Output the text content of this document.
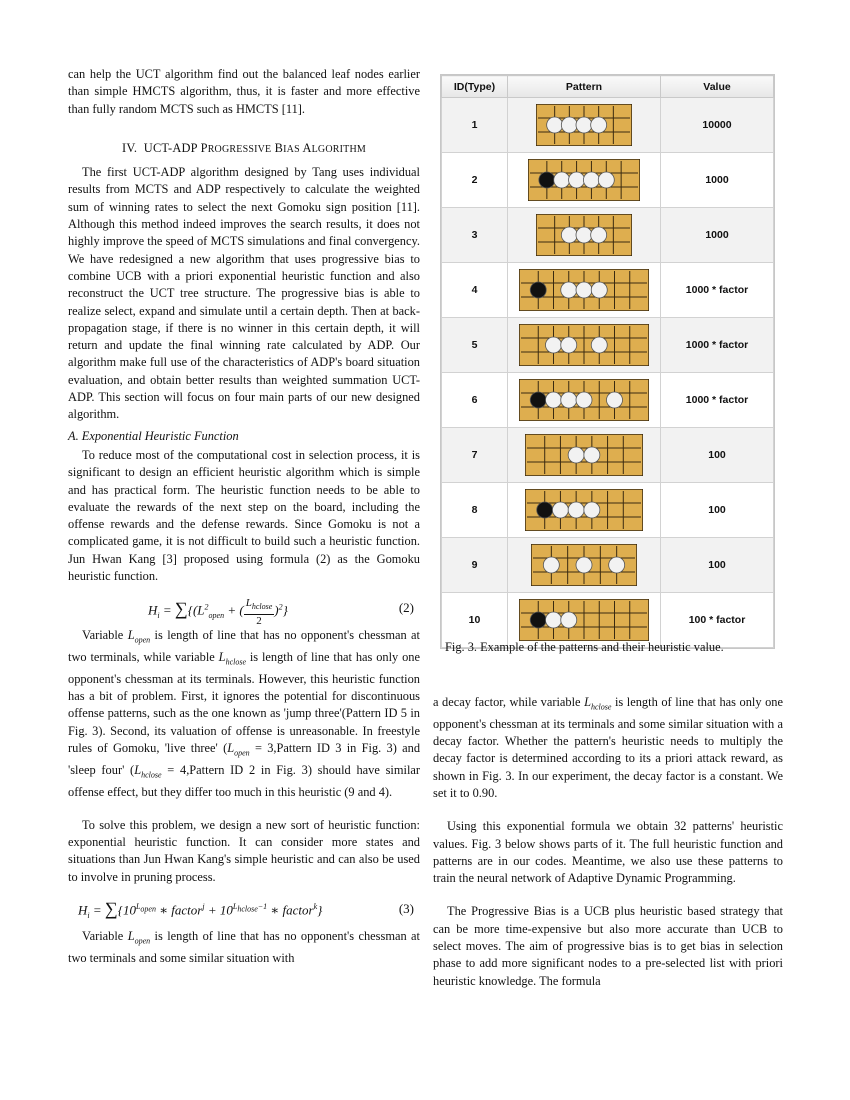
can help the UCT algorithm find out the balanced leaf nodes earlier than simple HMCTS algorithm, thus, it is faster and more effective than fully random MCTS such as HMCTS [11].

IV. UCT-ADP PROGRESSIVE BIAS ALGORITHM

The first UCT-ADP algorithm designed by Tang uses individual results from MCTS and ADP respectively to calculate the weighted sum of winning rates to select the next Gomoku sign position [11]. Although this method indeed improves the search results, it does not highly improve the speed of MCTS simulations and final convergency. We have redesigned a new algorithm that uses progressive bias to combine UCB with a priori exponential heuristic function and also reconstruct the UCT tree structure. The progressive bias is able to realize select, expand and simulate until a certain depth. Then at back-propagation stage, if there is no winner in this certain depth, it will return and update the final winning rate calculated by ADP. Our algorithm make full use of the characteristics of ADP's board situation evaluation, and obtain better results than weighted summation UCT-ADP. This section will focus on four main parts of our new designed algorithm.

A. Exponential Heuristic Function

To reduce most of the computational cost in selection process, it is significant to design an efficient heuristic algorithm which is simple and has practical form. The heuristic function needs to be able to evaluate the rewards of the next step on the board, including the offense rewards and the defense rewards. Since Gomoku is not a complicated game, it is not difficult to build such a heuristic function. Jun Hwan Kang [3] proposed using formula (2) as the Gomoku heuristic function.

$H_i = \sum\{(L^2_{open}$ + ( $\frac{L_{hclose}}{2} )^2$}	(2)

Variable $L_{open}$ is length of line that has no opponent's chessman at two terminals, while variable $L_{hclose}$ is length of line that has only one opponent's chessman at its terminals. However, this heuristic function has a bit of problem. First, it ignores the potential for discontinuous offense patterns, such as the one known as 'jump three'(Pattern ID 5 in Fig. 3). Second, its valuation of offense is unreasonable. In freestyle rules of Gomoku, 'live three' ($L_{open}$ = 3,Pattern ID 3 in Fig. 3) and 'sleep four' ($L_{hclose}$ = 4,Pattern ID 2 in Fig. 3) should have similar offense effect, but they differ too much in this heuristic (9 and 4).

To solve this problem, we design a new sort of heuristic function: exponential heuristic function. It can consider more states and situations than Jun Hwan Kang's simple heuristic and can also be used to involve in pruning process.

$H_i = \sum\{10^{L_{open}}$ ∗ factor$^j$ + $10^{L_{hclose}-1}$ ∗ factor$^k$}	(3)

Variable $L_{open}$ is length of line that has no opponent's chessman at two terminals and some similar situation with

ID(Type)	Pattern	Value
1		10000
2		1000
3		1000
4		1000 * factor
5		1000 * factor
6		1000 * factor
7		100
8		100
9		100
10		100 * factor
Fig. 3. Example of the patterns and their heuristic value.

a decay factor, while variable $L_{hclose}$ is length of line that has only one opponent's chessman at its terminals and some similar situation with a decay factor. Whether the pattern's heuristic needs to multiply the decay factor is determined according to its a priori attack reward, as shown in Fig. 3. In our experiment, the decay factor is a constant. We set it to 0.90.

Using this exponential formula we obtain 32 patterns' heuristic values. Fig. 3 below shows parts of it. The full heuristic function and patterns are in our codes. Meantime, we also use these patterns to train the neural network of Adaptive Dynamic Programming.

The Progressive Bias is a UCB plus heuristic based strategy that can be more time-expensive but also more accurate than UCB to select moves. The aim of progressive bias is to get bias in selection phase to add more significant nodes to a pre-selected list with priori heuristic knowledge. The formula
